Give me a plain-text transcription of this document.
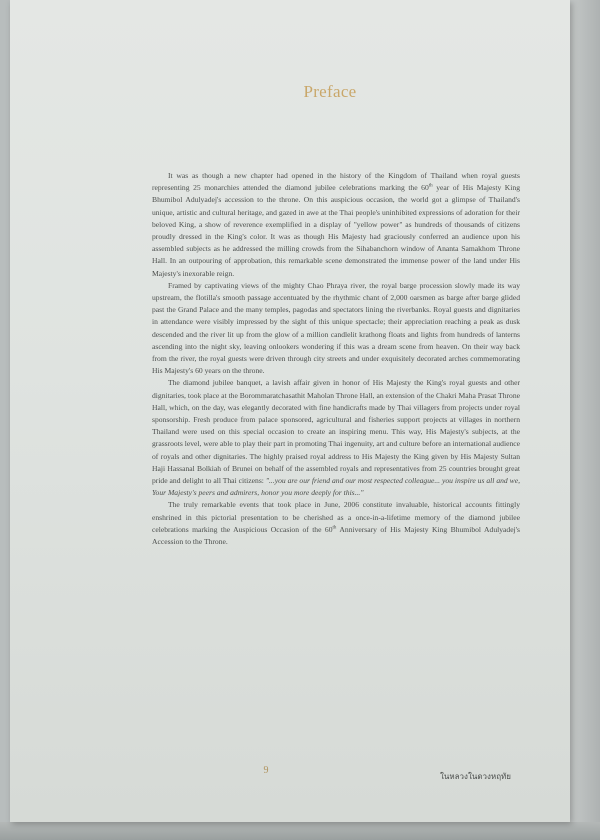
Preface

It was as though a new chapter had opened in the history of the Kingdom of Thailand when royal guests representing 25 monarchies attended the diamond jubilee celebrations marking the 60th year of His Majesty King Bhumibol Adulyadej's accession to the throne. On this auspicious occasion, the world got a glimpse of Thailand's unique, artistic and cultural heritage, and gazed in awe at the Thai people's uninhibited expressions of adoration for their beloved King, a show of reverence exemplified in a display of "yellow power" as hundreds of thousands of citizens proudly dressed in the King's color. It was as though His Majesty had graciously conferred an audience upon his assembled subjects as he addressed the milling crowds from the Sihabanchorn window of Ananta Samakhom Throne Hall. In an outpouring of approbation, this remarkable scene demonstrated the immense power of the land under His Majesty's inexorable reign.

Framed by captivating views of the mighty Chao Phraya river, the royal barge procession slowly made its way upstream, the flotilla's smooth passage accentuated by the rhythmic chant of 2,000 oarsmen as barge after barge glided past the Grand Palace and the many temples, pagodas and spectators lining the riverbanks. Royal guests and dignitaries in attendance were visibly impressed by the sight of this unique spectacle; their appreciation reaching a peak as dusk descended and the river lit up from the glow of a million candlelit krathong floats and lights from hundreds of lanterns ascending into the night sky, leaving onlookers wondering if this was a dream scene from heaven. On their way back from the river, the royal guests were driven through city streets and under exquisitely decorated arches commemorating His Majesty's 60 years on the throne.

The diamond jubilee banquet, a lavish affair given in honor of His Majesty the King's royal guests and other dignitaries, took place at the Borommaratchasathit Maholan Throne Hall, an extension of the Chakri Maha Prasat Throne Hall, which, on the day, was elegantly decorated with fine handicrafts made by Thai villagers from projects under royal sponsorship. Fresh produce from palace sponsored, agricultural and fisheries support projects at villages in northern Thailand were used on this special occasion to create an inspiring menu. This way, His Majesty's subjects, at the grassroots level, were able to play their part in promoting Thai ingenuity, art and culture before an international audience of royals and other dignitaries. The highly praised royal address to His Majesty the King given by His Majesty Sultan Haji Hassanal Bolkiah of Brunei on behalf of the assembled royals and representatives from 25 countries brought great pride and delight to all Thai citizens: "...you are our friend and our most respected colleague... you inspire us all and we, Your Majesty's peers and admirers, honor you more deeply for this..."

The truly remarkable events that took place in June, 2006 constitute invaluable, historical accounts fittingly enshrined in this pictorial presentation to be cherished as a once-in-a-lifetime memory of the diamond jubilee celebrations marking the Auspicious Occasion of the 60th Anniversary of His Majesty King Bhumibol Adulyadej's Accession to the Throne.

9
ในหลวงในดวงหฤทัย
